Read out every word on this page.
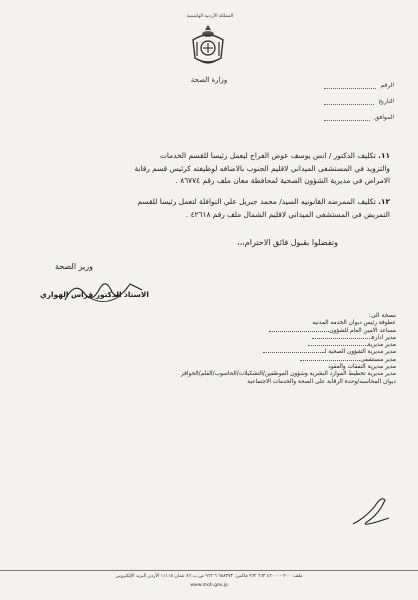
المملكة الأردنية الهاشمية
وزارة الصحة
الرقم
التاريخ
الموافق
١١. تكليف الدكتور / انس يوسف عوض الفراج ليعمل رئيسا للقسم الخدمات
والتزويد في المستشفى الميداني لاقليم الجنوب بالاضافه لوظيفته كرئيس قسم رقابة
الامراض في مديرية الشؤون الصحية لمحافظة معان ملف رقم ٨٦٧٧٤ .
١٢. تكليف الممرضه القانونيه السيد/ محمد جبريل علي النوافلة لتعمل رئيسا للقسم
التمريض في المستشفى الميداني لاقليم الشمال ملف رقم ٤٢٦١٨ .
وتفضلوا بقبول فائق الاحترام،،،
وزير الصحة
الاستاذ الدكتور فراس الهواري
نسخة الى:
عطوفة رئيس ديوان الخدمه المدنيه
مساعد الامين العام للشؤون
مدير ادارة
مدير مديرية
مدير مديرية الشؤون الصحية لـ
مدير مستشفى
مدير مديرية النفقات والعقود
مدير مديرية تخطيط الموارد البشريه وشؤون الموظفين/التشكيلات/الحاسوب/القلم/الحوافز
ديوان المحاسبه/وحدة الرقابة على الصحة والخدمات الاجتماعية
ملف: ٢٠٠-٤٢٠٠٠٠ ٦٦٣ ٩٦٢ فاكس: ٦٨٨٣٧٣ ٦ ٩٦٢ ص.ب ٨٦ عمان ١١١١٨ الأردن البريد الإلكتروني
www.moh.gov.jo
